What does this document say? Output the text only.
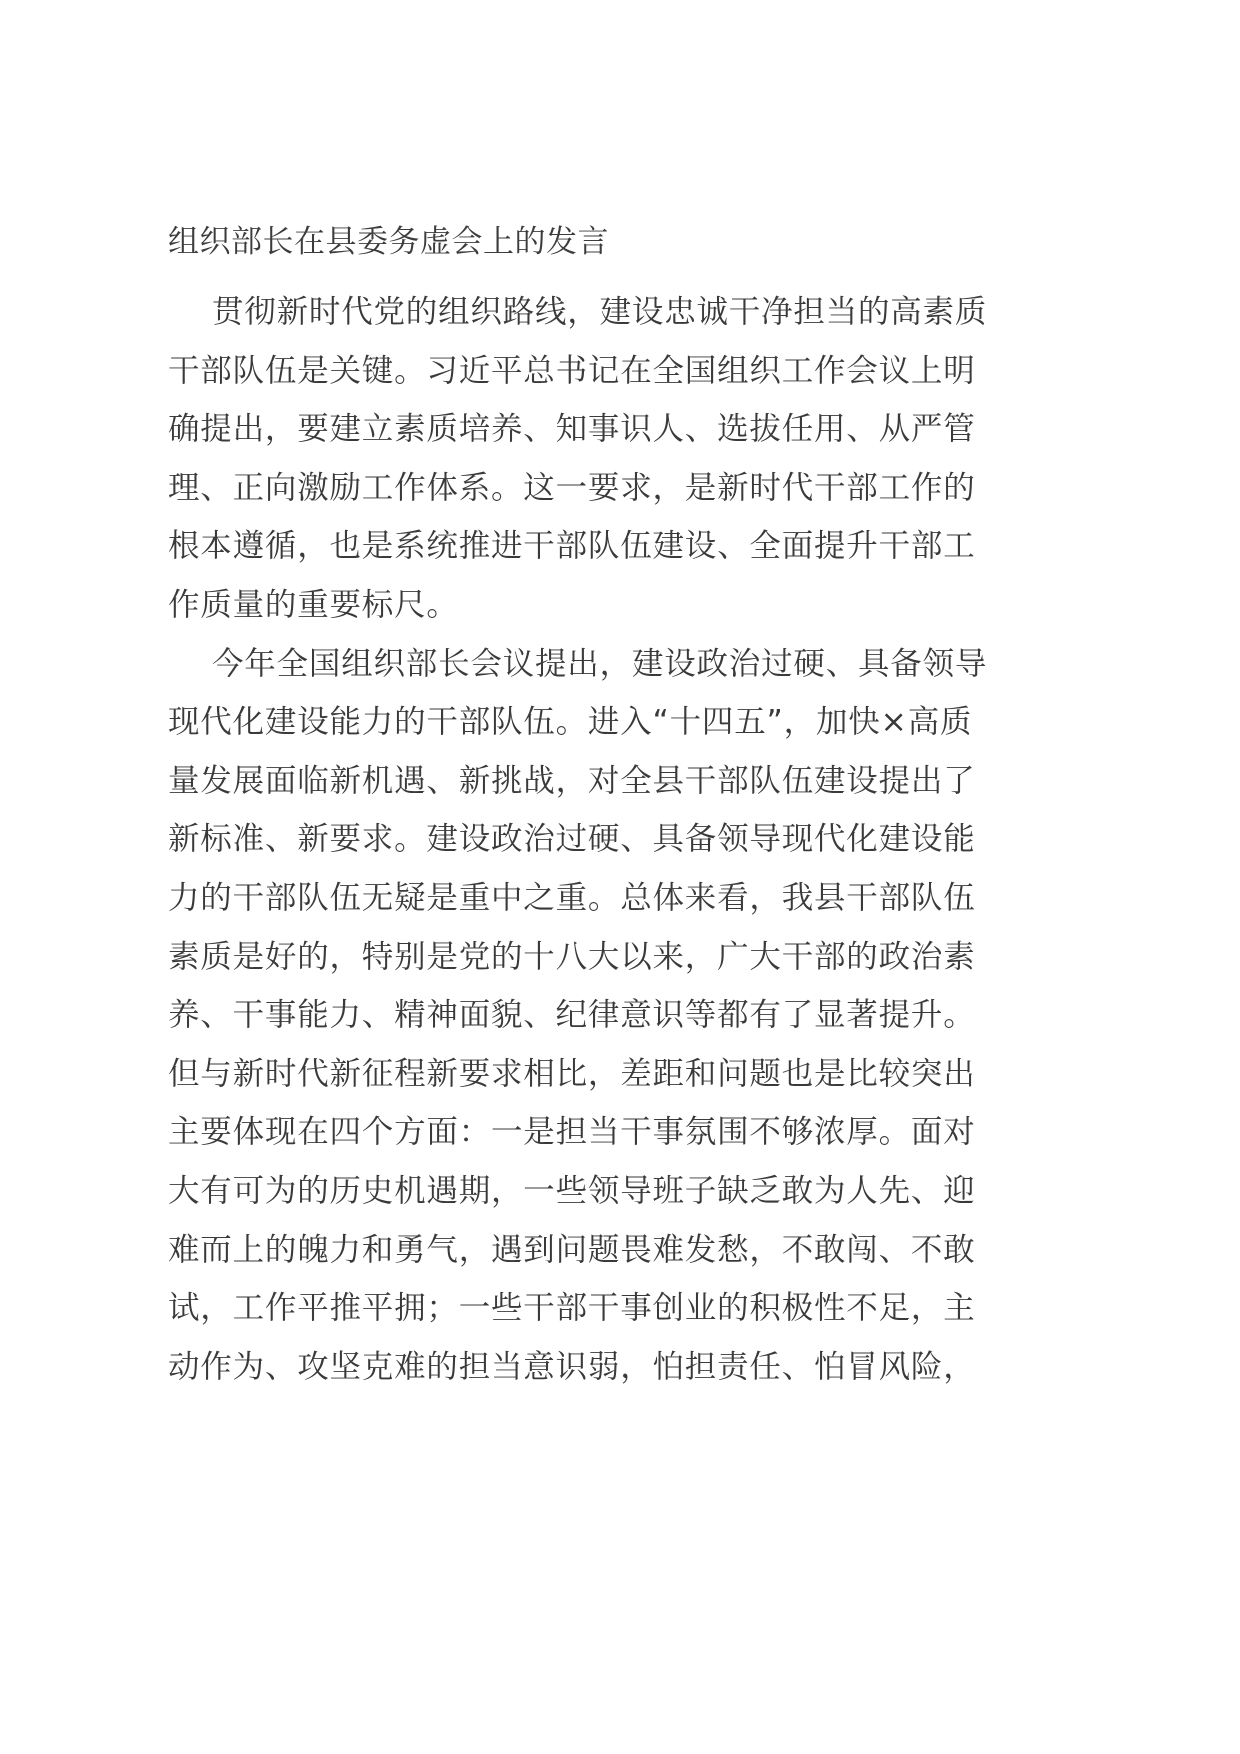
组织部长在县委务虚会上的发言
贯彻新时代党的组织路线，建设忠诚干净担当的高素质
干部队伍是关键。习近平总书记在全国组织工作会议上明
确提出，要建立素质培养、知事识人、选拔任用、从严管
理、正向激励工作体系。这一要求，是新时代干部工作的
根本遵循，也是系统推进干部队伍建设、全面提升干部工
作质量的重要标尺。
今年全国组织部长会议提出，建设政治过硬、具备领导
现代化建设能力的干部队伍。进入“十四五”，加快×高质
量发展面临新机遇、新挑战，对全县干部队伍建设提出了
新标准、新要求。建设政治过硬、具备领导现代化建设能
力的干部队伍无疑是重中之重。总体来看，我县干部队伍
素质是好的，特别是党的十八大以来，广大干部的政治素
养、干事能力、精神面貌、纪律意识等都有了显著提升。
但与新时代新征程新要求相比，差距和问题也是比较突出
主要体现在四个方面：一是担当干事氛围不够浓厚。面对
大有可为的历史机遇期，一些领导班子缺乏敢为人先、迎
难而上的魄力和勇气，遇到问题畏难发愁，不敢闯、不敢
试，工作平推平拥；一些干部干事创业的积极性不足，主
动作为、攻坚克难的担当意识弱，怕担责任、怕冒风险，
